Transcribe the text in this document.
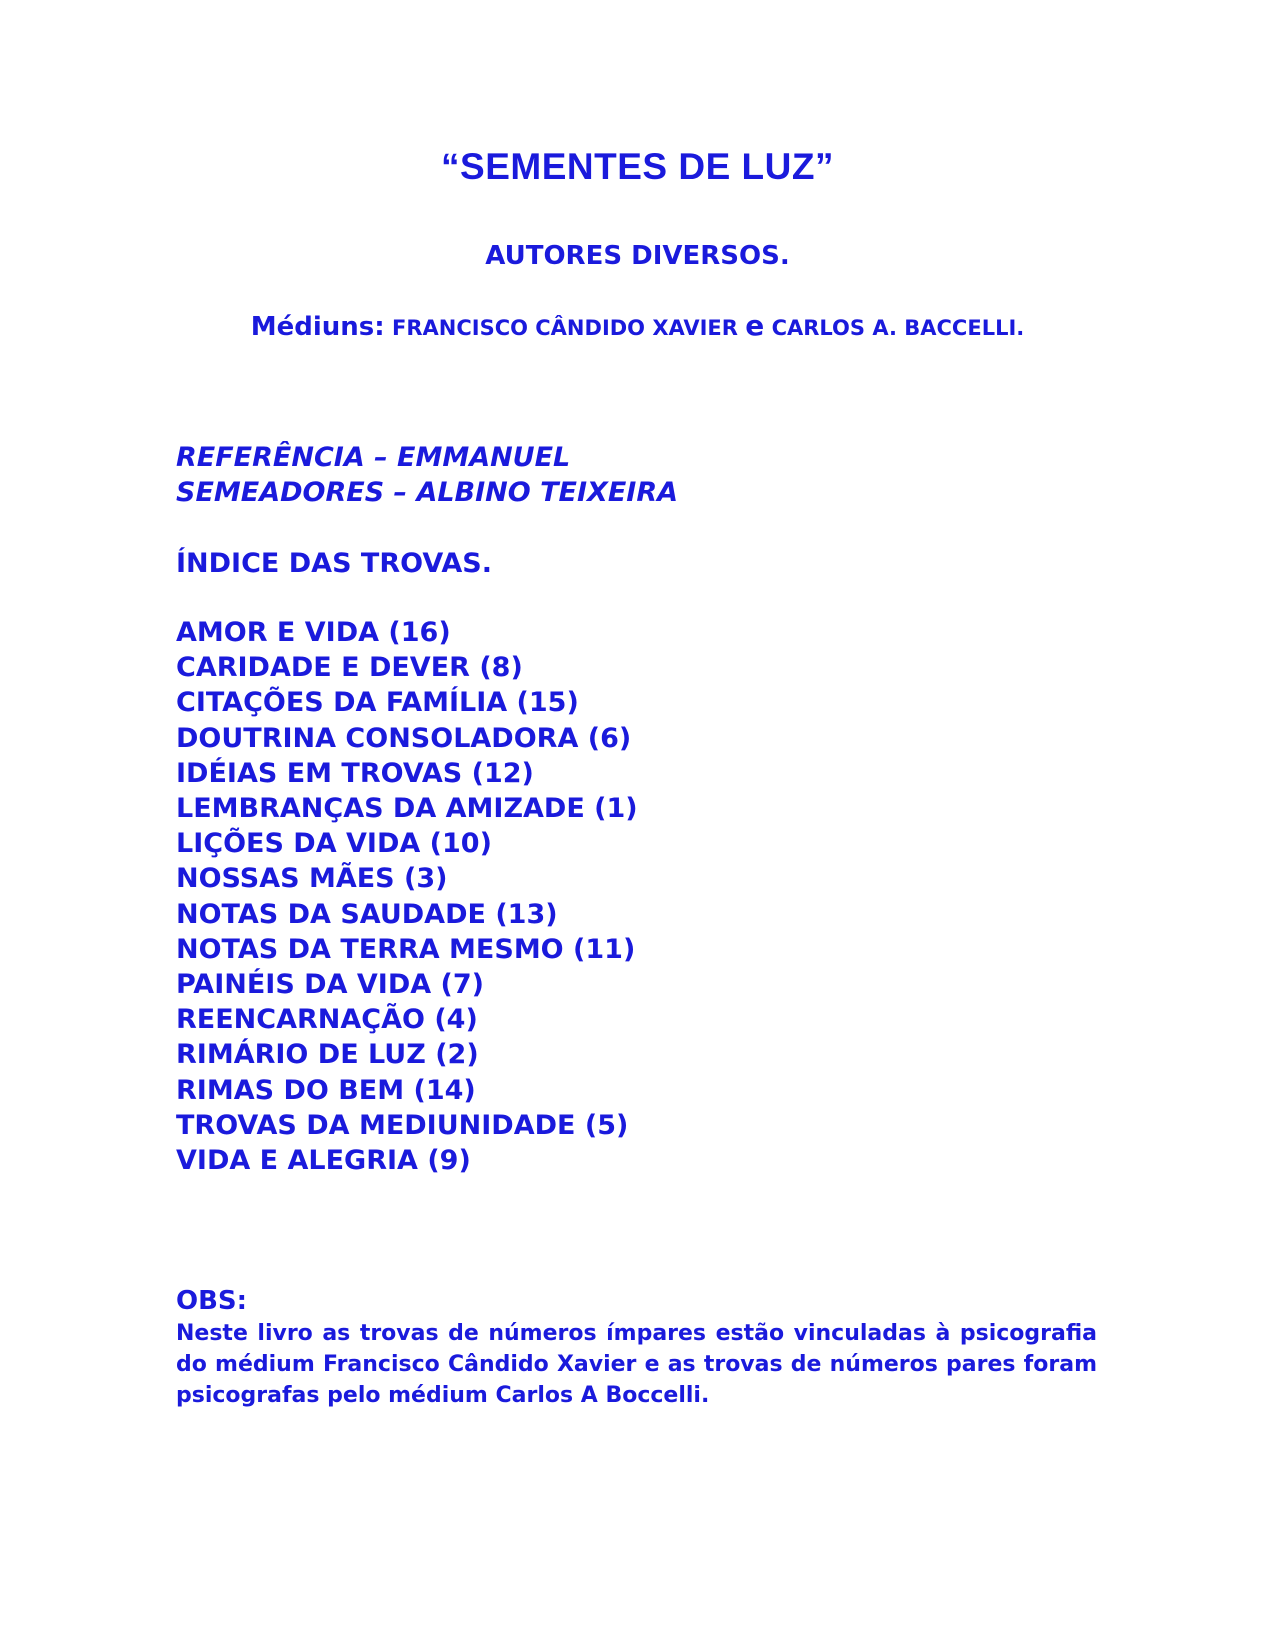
“SEMENTES DE LUZ”

AUTORES DIVERSOS.

Médiuns: FRANCISCO CÂNDIDO XAVIER e CARLOS A. BACCELLI.

REFERÊNCIA – EMMANUEL
SEMEADORES – ALBINO TEIXEIRA

ÍNDICE DAS TROVAS.

AMOR E VIDA (16)
CARIDADE E DEVER (8)
CITAÇÕES DA FAMÍLIA (15)
DOUTRINA CONSOLADORA (6)
IDÉIAS EM TROVAS (12)
LEMBRANÇAS DA AMIZADE (1)
LIÇÕES DA VIDA (10)
NOSSAS MÃES (3)
NOTAS DA SAUDADE (13)
NOTAS DA TERRA MESMO (11)
PAINÉIS DA VIDA (7)
REENCARNAÇÃO (4)
RIMÁRIO DE LUZ (2)
RIMAS DO BEM (14)
TROVAS DA MEDIUNIDADE (5)
VIDA E ALEGRIA (9)

OBS:

Neste livro as trovas de números ímpares estão vinculadas à psicografia do médium Francisco Cândido Xavier e as trovas de números pares foram psicografas pelo médium Carlos A Boccelli.
